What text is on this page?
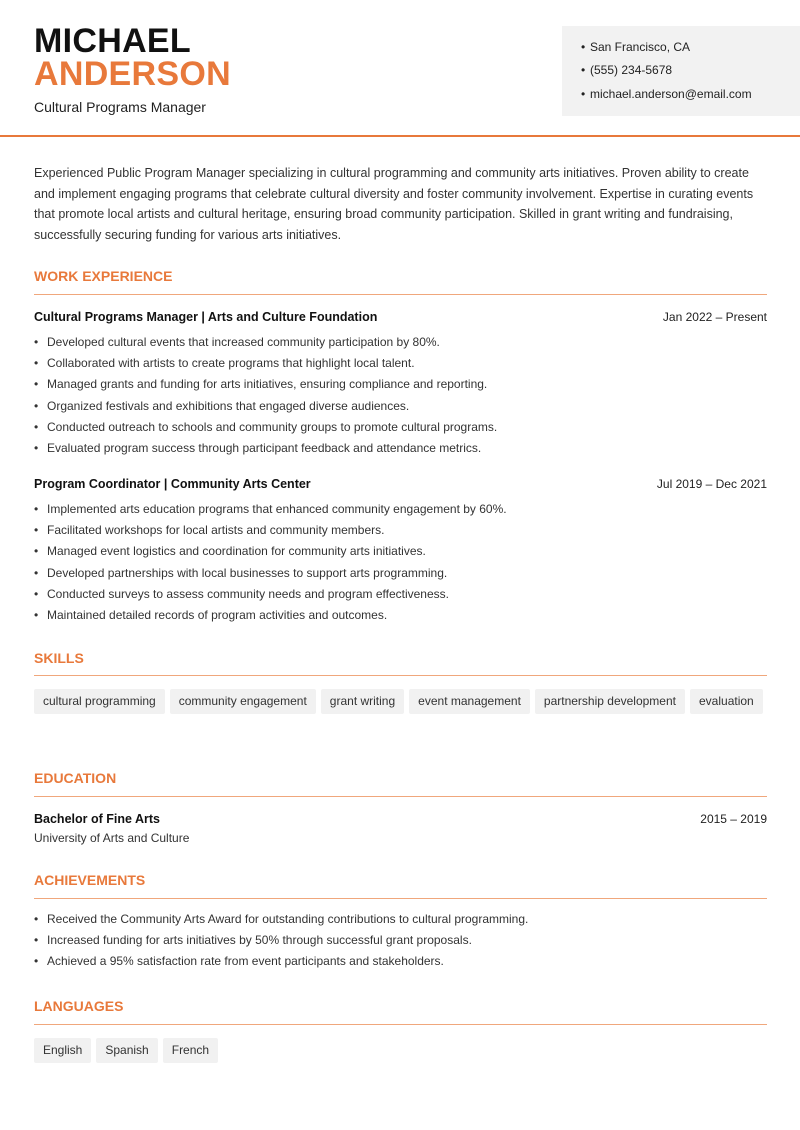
MICHAEL
ANDERSON
Cultural Programs Manager
• San Francisco, CA
• (555) 234-5678
• michael.anderson@email.com
Experienced Public Program Manager specializing in cultural programming and community arts initiatives. Proven ability to create and implement engaging programs that celebrate cultural diversity and foster community involvement. Expertise in curating events that promote local artists and cultural heritage, ensuring broad community participation. Skilled in grant writing and fundraising, successfully securing funding for various arts initiatives.
WORK EXPERIENCE
Cultural Programs Manager | Arts and Culture Foundation	Jan 2022 – Present
• Developed cultural events that increased community participation by 80%.
• Collaborated with artists to create programs that highlight local talent.
• Managed grants and funding for arts initiatives, ensuring compliance and reporting.
• Organized festivals and exhibitions that engaged diverse audiences.
• Conducted outreach to schools and community groups to promote cultural programs.
• Evaluated program success through participant feedback and attendance metrics.
Program Coordinator | Community Arts Center	Jul 2019 – Dec 2021
• Implemented arts education programs that enhanced community engagement by 60%.
• Facilitated workshops for local artists and community members.
• Managed event logistics and coordination for community arts initiatives.
• Developed partnerships with local businesses to support arts programming.
• Conducted surveys to assess community needs and program effectiveness.
• Maintained detailed records of program activities and outcomes.
SKILLS
cultural programming community engagement grant writing event management partnership development evaluation
EDUCATION
Bachelor of Fine Arts	2015 – 2019
University of Arts and Culture
ACHIEVEMENTS
• Received the Community Arts Award for outstanding contributions to cultural programming.
• Increased funding for arts initiatives by 50% through successful grant proposals.
• Achieved a 95% satisfaction rate from event participants and stakeholders.
LANGUAGES
English Spanish French
